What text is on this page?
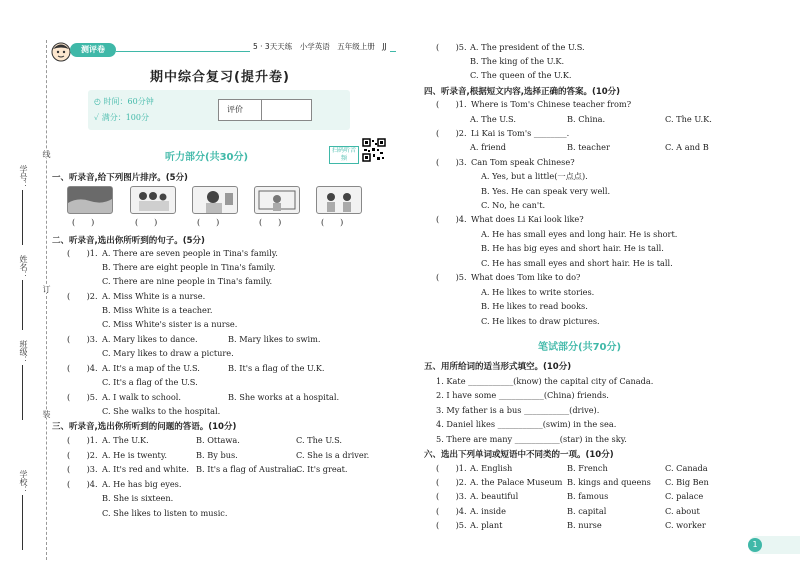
学号：
姓名：
班级：
学校：
线
订
装
测评卷	5 · 3天天练　小学英语　五年级上册　JJ
期中综合复习(提升卷)
◴ 时间：60分钟
✓ 满分：100分
评价
听力部分(共30分)
扫码听音频
一、听录音,给下列图片排序。(5分)
(　　)	(　　)	(　　)	(　　)	(　　)
二、听录音,选出你所听到的句子。(5分)
(　　)1. A. There are seven people in Tina's family.
B. There are eight people in Tina's family.
C. There are nine people in Tina's family.
(　　)2. A. Miss White is a nurse.
B. Miss White is a teacher.
C. Miss White's sister is a nurse.
(　　)3. A. Mary likes to dance.	B. Mary likes to swim.
C. Mary likes to draw a picture.
(　　)4. A. It's a map of the U.S.	B. It's a flag of the U.K.
C. It's a flag of the U.S.
(　　)5. A. I walk to school.	B. She works at a hospital.
C. She walks to the hospital.
三、听录音,选出你所听到的问题的答语。(10分)
(　　)1. A. The U.K.	B. Ottawa.	C. The U.S.
(　　)2. A. He is twenty.	B. By bus.	C. She is a driver.
(　　)3. A. It's red and white. B. It's a flag of Australia.
C. It's great.
(　　)4. A. He has big eyes.
B. She is sixteen.
C. She likes to listen to music.
(　　)5. A. The president of the U.S.
B. The king of the U.K.
C. The queen of the U.K.
四、听录音,根据短文内容,选择正确的答案。(10分)
(　　)1. Where is Tom's Chinese teacher from?
A. The U.S.	B. China.	C. The U.K.
(　　)2. Li Kai is Tom's ________.
A. friend	B. teacher	C. A and B
(　　)3. Can Tom speak Chinese?
A. Yes, but a little(一点点).
B. Yes. He can speak very well.
C. No, he can't.
(　　)4. What does Li Kai look like?
A. He has small eyes and long hair. He is short.
B. He has big eyes and short hair. He is tall.
C. He has small eyes and short hair. He is tall.
(　　)5. What does Tom like to do?
A. He likes to write stories.
B. He likes to read books.
C. He likes to draw pictures.
笔试部分(共70分)
五、用所给词的适当形式填空。(10分)
1. Kate ___________(know) the capital city of Canada.
2. I have some ___________(China) friends.
3. My father is a bus ___________(drive).
4. Daniel likes ___________(swim) in the sea.
5. There are many ___________(star) in the sky.
六、选出下列单词或短语中不同类的一项。(10分)
(　　)1. A. English	B. French	C. Canada
(　　)2. A. the Palace Museum B. kings and queens C. Big Ben
(　　)3. A. beautiful	B. famous	C. palace
(　　)4. A. inside	B. capital	C. about
(　　)5. A. plant	B. nurse	C. worker
1
